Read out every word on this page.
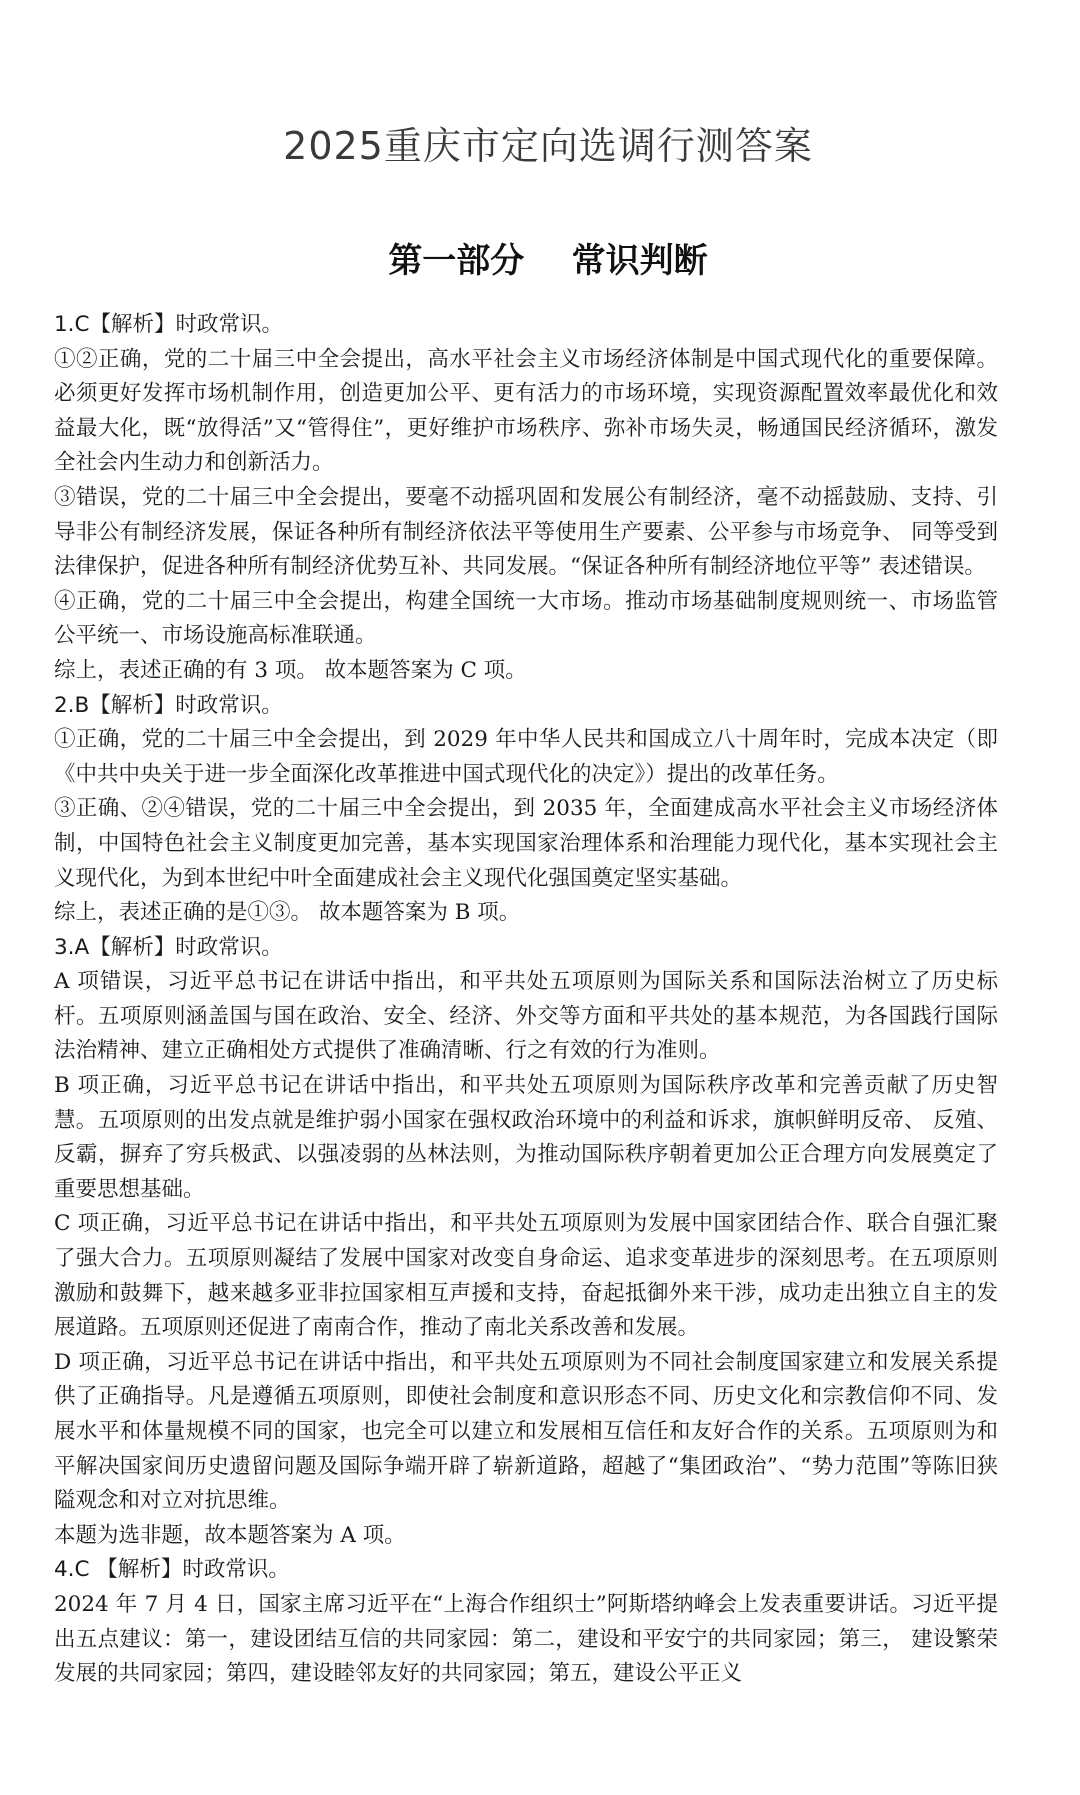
2025重庆市定向选调行测答案
第一部分    常识判断

1.C【解析】时政常识。

①②正确，党的二十届三中全会提出，高水平社会主义市场经济体制是中国式现代化的重要保障。必须更好发挥市场机制作用，创造更加公平、更有活力的市场环境，实现资源配置效率最优化和效益最大化，既“放得活”又“管得住”，更好维护市场秩序、弥补市场失灵，畅通国民经济循环，激发全社会内生动力和创新活力。

③错误，党的二十届三中全会提出，要毫不动摇巩固和发展公有制经济，毫不动摇鼓励、支持、引导非公有制经济发展，保证各种所有制经济依法平等使用生产要素、公平参与市场竞争、 同等受到法律保护，促进各种所有制经济优势互补、共同发展。“保证各种所有制经济地位平等” 表述错误。

④正确，党的二十届三中全会提出，构建全国统一大市场。推动市场基础制度规则统一、市场监管公平统一、市场设施高标准联通。

综上，表述正确的有 3 项。 故本题答案为 C 项。

2.B【解析】时政常识。

①正确，党的二十届三中全会提出，到 2029 年中华人民共和国成立八十周年时，完成本决定（即《中共中央关于进一步全面深化改革推进中国式现代化的决定》）提出的改革任务。

③正确、②④错误，党的二十届三中全会提出，到 2035 年，全面建成高水平社会主义市场经济体制，中国特色社会主义制度更加完善，基本实现国家治理体系和治理能力现代化，基本实现社会主义现代化，为到本世纪中叶全面建成社会主义现代化强国奠定坚实基础。

综上，表述正确的是①③。 故本题答案为 B 项。

3.A【解析】时政常识。

A 项错误，习近平总书记在讲话中指出，和平共处五项原则为国际关系和国际法治树立了历史标杆。五项原则涵盖国与国在政治、安全、经济、外交等方面和平共处的基本规范，为各国践行国际法治精神、建立正确相处方式提供了准确清晰、行之有效的行为准则。

B 项正确，习近平总书记在讲话中指出，和平共处五项原则为国际秩序改革和完善贡献了历史智慧。五项原则的出发点就是维护弱小国家在强权政治环境中的利益和诉求，旗帜鲜明反帝、 反殖、反霸，摒弃了穷兵极武、以强凌弱的丛林法则，为推动国际秩序朝着更加公正合理方向发展奠定了重要思想基础。

C 项正确，习近平总书记在讲话中指出，和平共处五项原则为发展中国家团结合作、联合自强汇聚了强大合力。五项原则凝结了发展中国家对改变自身命运、追求变革进步的深刻思考。在五项原则激励和鼓舞下，越来越多亚非拉国家相互声援和支持，奋起抵御外来干涉，成功走出独立自主的发展道路。五项原则还促进了南南合作，推动了南北关系改善和发展。

D 项正确，习近平总书记在讲话中指出，和平共处五项原则为不同社会制度国家建立和发展关系提供了正确指导。凡是遵循五项原则，即使社会制度和意识形态不同、历史文化和宗教信仰不同、发展水平和体量规模不同的国家，也完全可以建立和发展相互信任和友好合作的关系。五项原则为和平解决国家间历史遗留问题及国际争端开辟了崭新道路，超越了“集团政治”、“势力范围”等陈旧狭隘观念和对立对抗思维。

本题为选非题，故本题答案为 A 项。

4.C 【解析】时政常识。

2024 年 7 月 4 日，国家主席习近平在“上海合作组织士”阿斯塔纳峰会上发表重要讲话。习近平提出五点建议：第一，建设团结互信的共同家园：第二，建设和平安宁的共同家园；第三， 建设繁荣发展的共同家园；第四，建设睦邻友好的共同家园；第五，建设公平正义
